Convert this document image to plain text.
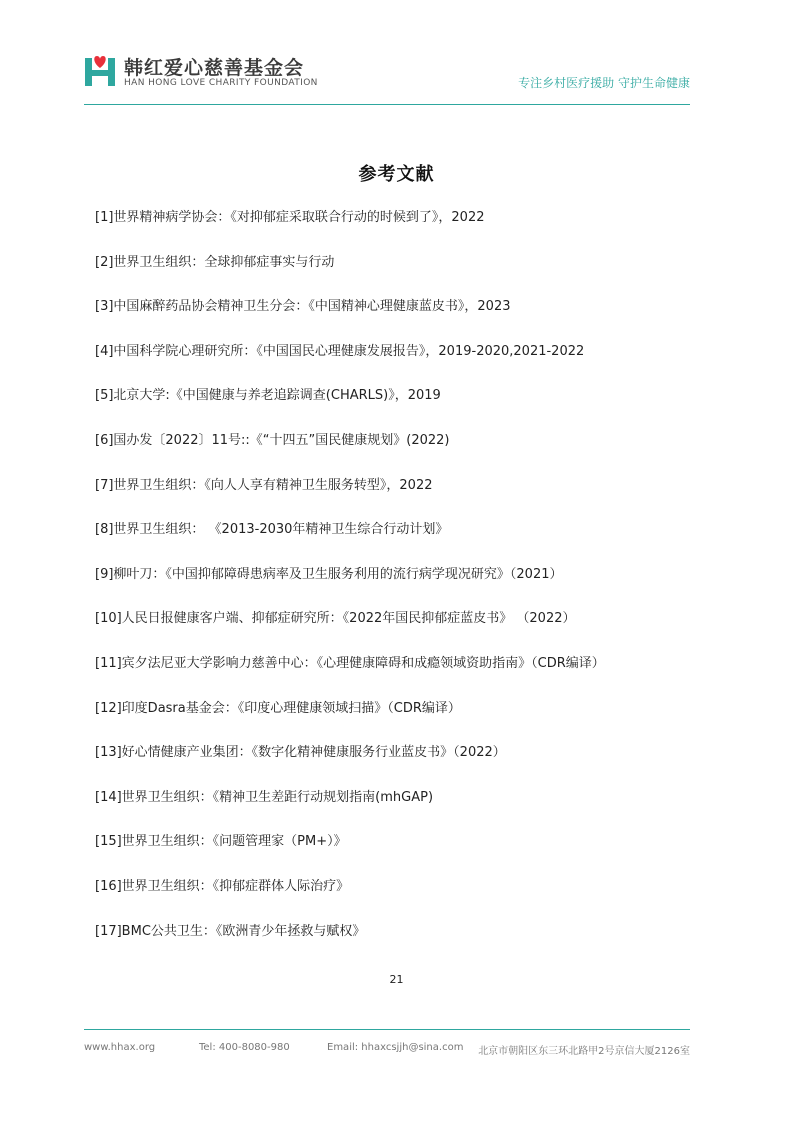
韩红爱心慈善基金会
HAN HONG LOVE CHARITY FOUNDATION	专注乡村医疗援助 守护生命健康
参考文献
[1]世界精神病学协会：《对抑郁症采取联合行动的时候到了》，2022
[2]世界卫生组织：全球抑郁症事实与行动
[3]中国麻醉药品协会精神卫生分会：《中国精神心理健康蓝皮书》，2023
[4]中国科学院心理研究所：《中国国民心理健康发展报告》，2019-2020,2021-2022
[5]北京大学:《中国健康与养老追踪调查(CHARLS)》，2019
[6]国办发〔2022〕11号::《“十四五”国民健康规划》(2022)
[7]世界卫生组织：《向人人享有精神卫生服务转型》，2022
[8]世界卫生组织： 《2013-2030年精神卫生综合行动计划》
[9]柳叶刀：《中国抑郁障碍患病率及卫生服务利用的流行病学现况研究》（2021）
[10]人民日报健康客户端、抑郁症研究所：《2022年国民抑郁症蓝皮书》 （2022）
[11]宾夕法尼亚大学影响力慈善中心：《心理健康障碍和成瘾领域资助指南》（CDR编译）
[12]印度Dasra基金会：《印度心理健康领域扫描》（CDR编译）
[13]好心情健康产业集团：《数字化精神健康服务行业蓝皮书》（2022）
[14]世界卫生组织：《精神卫生差距行动规划指南(mhGAP)
[15]世界卫生组织：《问题管理家（PM+）》
[16]世界卫生组织：《抑郁症群体人际治疗》
[17]BMC公共卫生：《欧洲青少年拯救与赋权》
21
www.hhax.org	Tel: 400-8080-980	Email: hhaxcsjjh@sina.com 北京市朝阳区东三环北路甲2号京信大厦2126室
